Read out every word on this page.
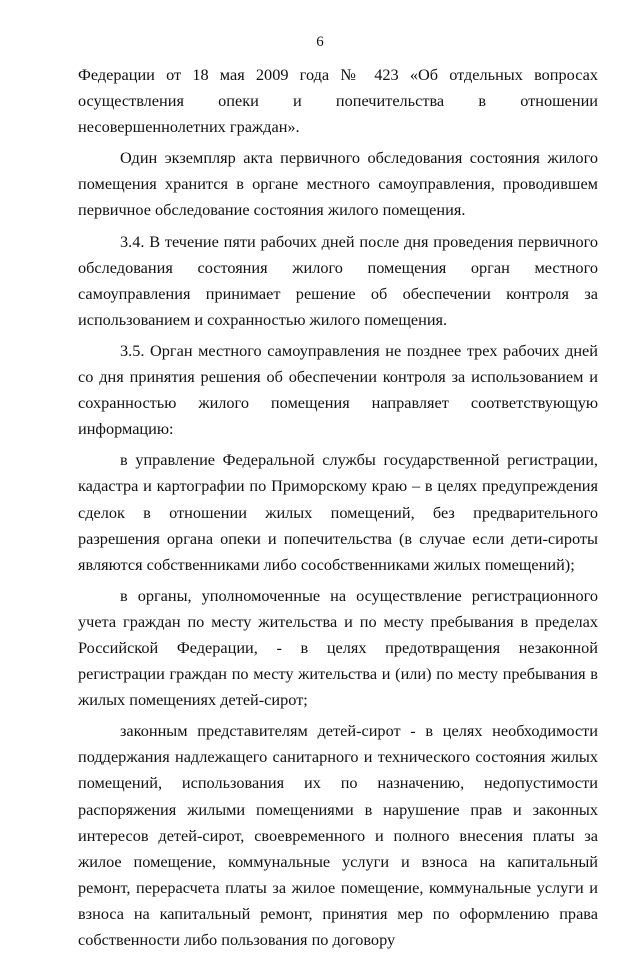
6

Федерации от 18 мая 2009 года № 423 «Об отдельных вопросах осуществления опеки и попечительства в отношении несовершеннолетних граждан».

Один экземпляр акта первичного обследования состояния жилого помещения хранится в органе местного самоуправления, проводившем первичное обследование состояния жилого помещения.

3.4. В течение пяти рабочих дней после дня проведения первичного обследования состояния жилого помещения орган местного самоуправления принимает решение об обеспечении контроля за использованием и сохранностью жилого помещения.

3.5. Орган местного самоуправления не позднее трех рабочих дней со дня принятия решения об обеспечении контроля за использованием и сохранностью жилого помещения направляет соответствующую информацию:

в управление Федеральной службы государственной регистрации, кадастра и картографии по Приморскому краю – в целях предупреждения сделок в отношении жилых помещений, без предварительного разрешения органа опеки и попечительства (в случае если дети-сироты являются собственниками либо сособственниками жилых помещений);

в органы, уполномоченные на осуществление регистрационного учета граждан по месту жительства и по месту пребывания в пределах Российской Федерации, - в целях предотвращения незаконной регистрации граждан по месту жительства и (или) по месту пребывания в жилых помещениях детей-сирот;

законным представителям детей-сирот - в целях необходимости поддержания надлежащего санитарного и технического состояния жилых помещений, использования их по назначению, недопустимости распоряжения жилыми помещениями в нарушение прав и законных интересов детей-сирот, своевременного и полного внесения платы за жилое помещение, коммунальные услуги и взноса на капитальный ремонт, перерасчета платы за жилое помещение, коммунальные услуги и взноса на капитальный ремонт, принятия мер по оформлению права собственности либо пользования по договору
